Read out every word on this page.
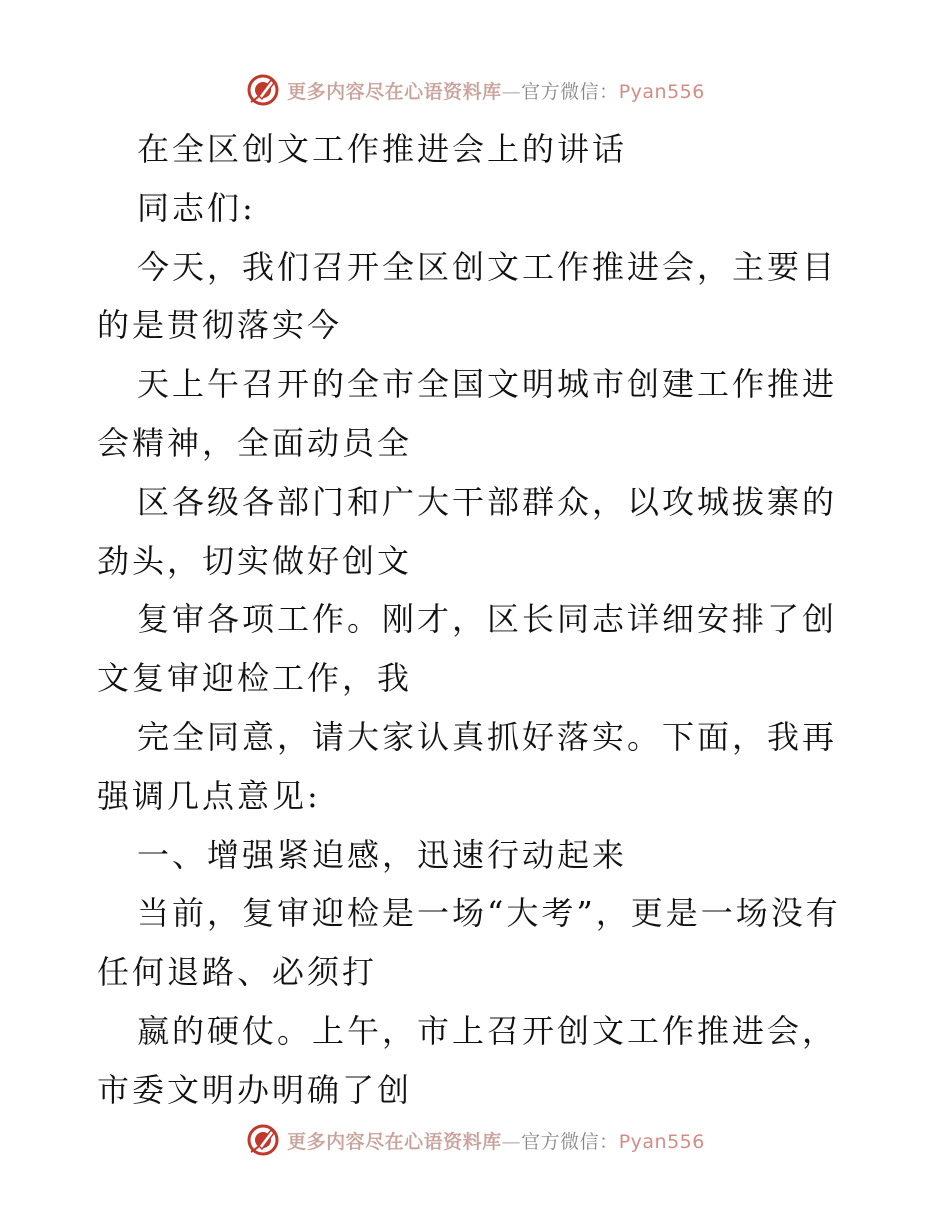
更多内容尽在心语资料库—官方微信：Pyan556

在全区创文工作推进会上的讲话

同志们:

今天，我们召开全区创文工作推进会，主要目的是贯彻落实今

天上午召开的全市全国文明城市创建工作推进会精神，全面动员全

区各级各部门和广大干部群众，以攻城拔寨的劲头，切实做好创文

复审各项工作。刚才，区长同志详细安排了创文复审迎检工作，我

完全同意，请大家认真抓好落实。下面，我再强调几点意见:

一、增强紧迫感，迅速行动起来

当前，复审迎检是一场“大考”，更是一场没有任何退路、必须打

嬴的硬仗。上午，市上召开创文工作推进会，市委文明办明确了创

更多内容尽在心语资料库—官方微信：Pyan556
